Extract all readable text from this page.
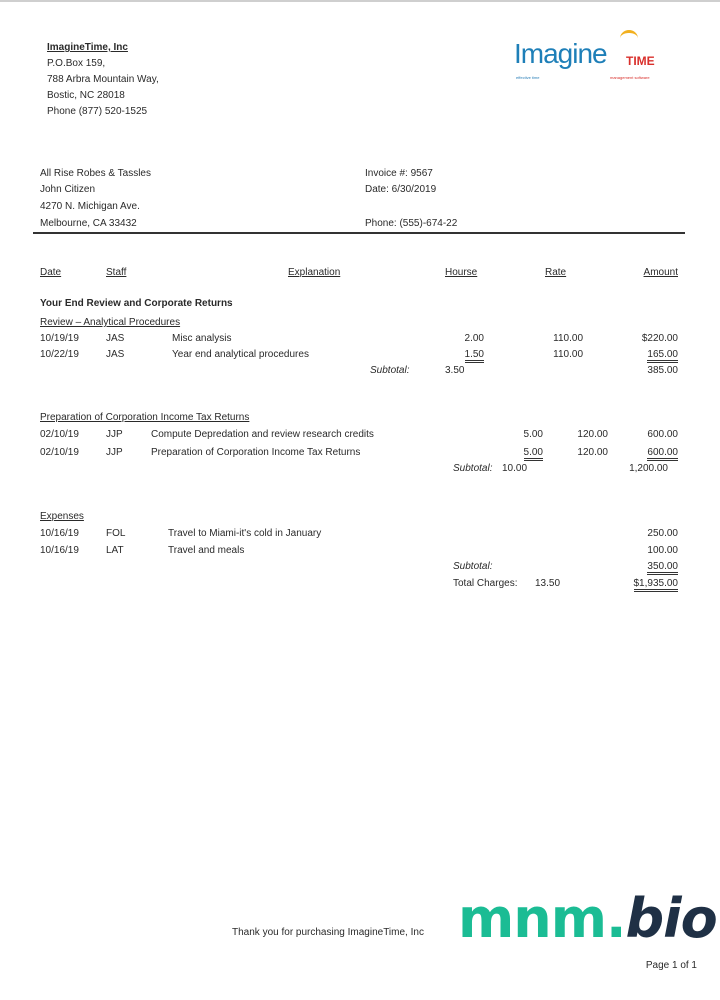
ImagineTime, Inc
P.O.Box 159,
788 Arbra Mountain Way,
Bostic, NC 28018
Phone (877) 520-1525
Imagine TIME
effective time	management software
All Rise Robes & Tassles
John Citizen
4270 N. Michigan Ave.
Melbourne, CA 33432
Invoice #: 9567
Date: 6/30/2019
Phone: (555)-674-22
Date	Staff	Explanation	Hourse	Rate	Amount
Your End Review and Corporate Returns
Review – Analytical Procedures
10/19/19	JAS	Misc analysis	2.00	110.00	$220.00
10/22/19	JAS	Year end analytical procedures	1.50	110.00	165.00
Subtotal:	3.50	385.00
Preparation of Corporation Income Tax Returns
02/10/19	JJP	Compute Depredation and review research credits	5.00	120.00	600.00
02/10/19	JJP	Preparation of Corporation Income Tax Returns	5.00	120.00	600.00
Subtotal: 10.00	1,200.00
Expenses
10/16/19	FOL	Travel to Miami-it's cold in January	250.00
10/16/19	LAT	Travel and meals	100.00
Subtotal:	350.00
Total Charges: 13.50	$1,935.00
Thank you for purchasing ImagineTime, Inc mnm.bio
Page 1 of 1
